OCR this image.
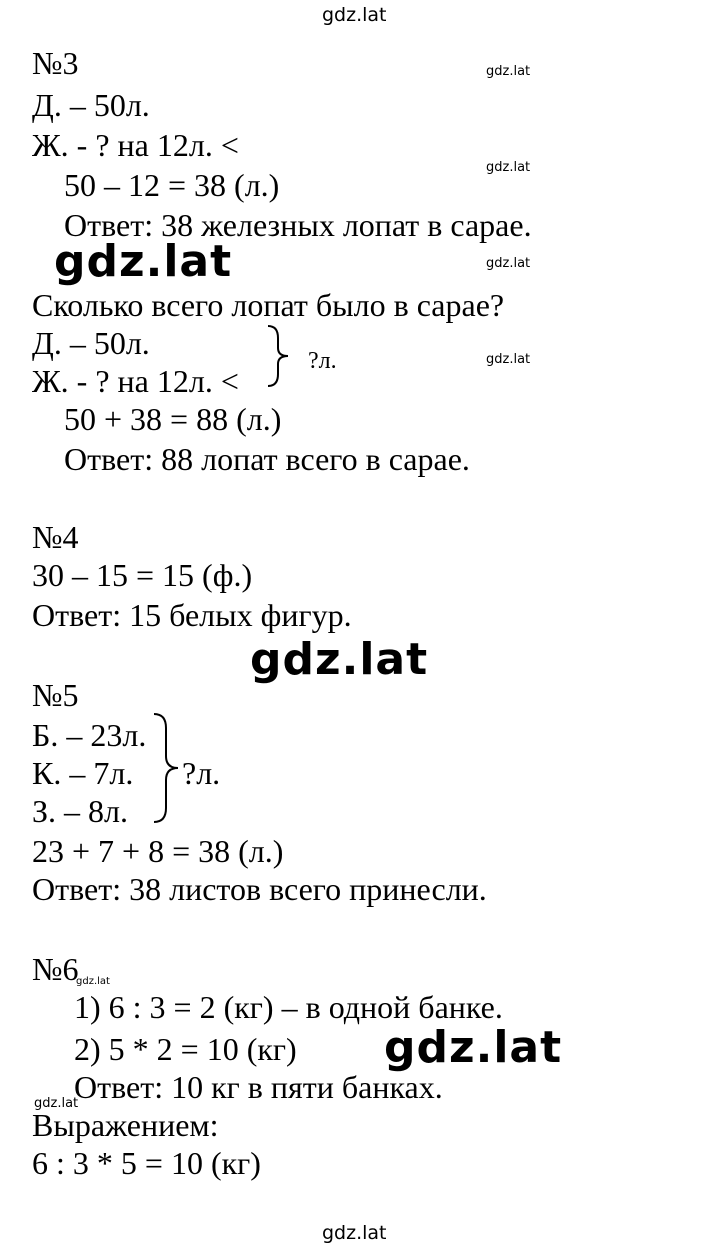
gdz.lat
gdz.lat
gdz.lat
gdz.lat	gdz.lat
gdz.lat
gdz.lat
gdz.lat
gdz.lat
gdz.lat
gdz.lat
№3
Д. – 50л.
Ж. - ? на 12л. <
50 – 12 = 38 (л.)
Ответ: 38 железных лопат в сарае.
Сколько всего лопат было в сарае?
Д. – 50л.
Ж. - ? на 12л. <
?л.
50 + 38 = 88 (л.)
Ответ: 88 лопат всего в сарае.
№4
30 – 15 = 15 (ф.)
Ответ: 15 белых фигур.
№5
Б. – 23л.
К. – 7л.
З. – 8л.
?л.
23 + 7 + 8 = 38 (л.)
Ответ: 38 листов всего принесли.
№6
1) 6 : 3 = 2 (кг) – в одной банке.
2) 5 * 2 = 10 (кг)
Ответ: 10 кг в пяти банках.
Выражением:
6 : 3 * 5 = 10 (кг)
